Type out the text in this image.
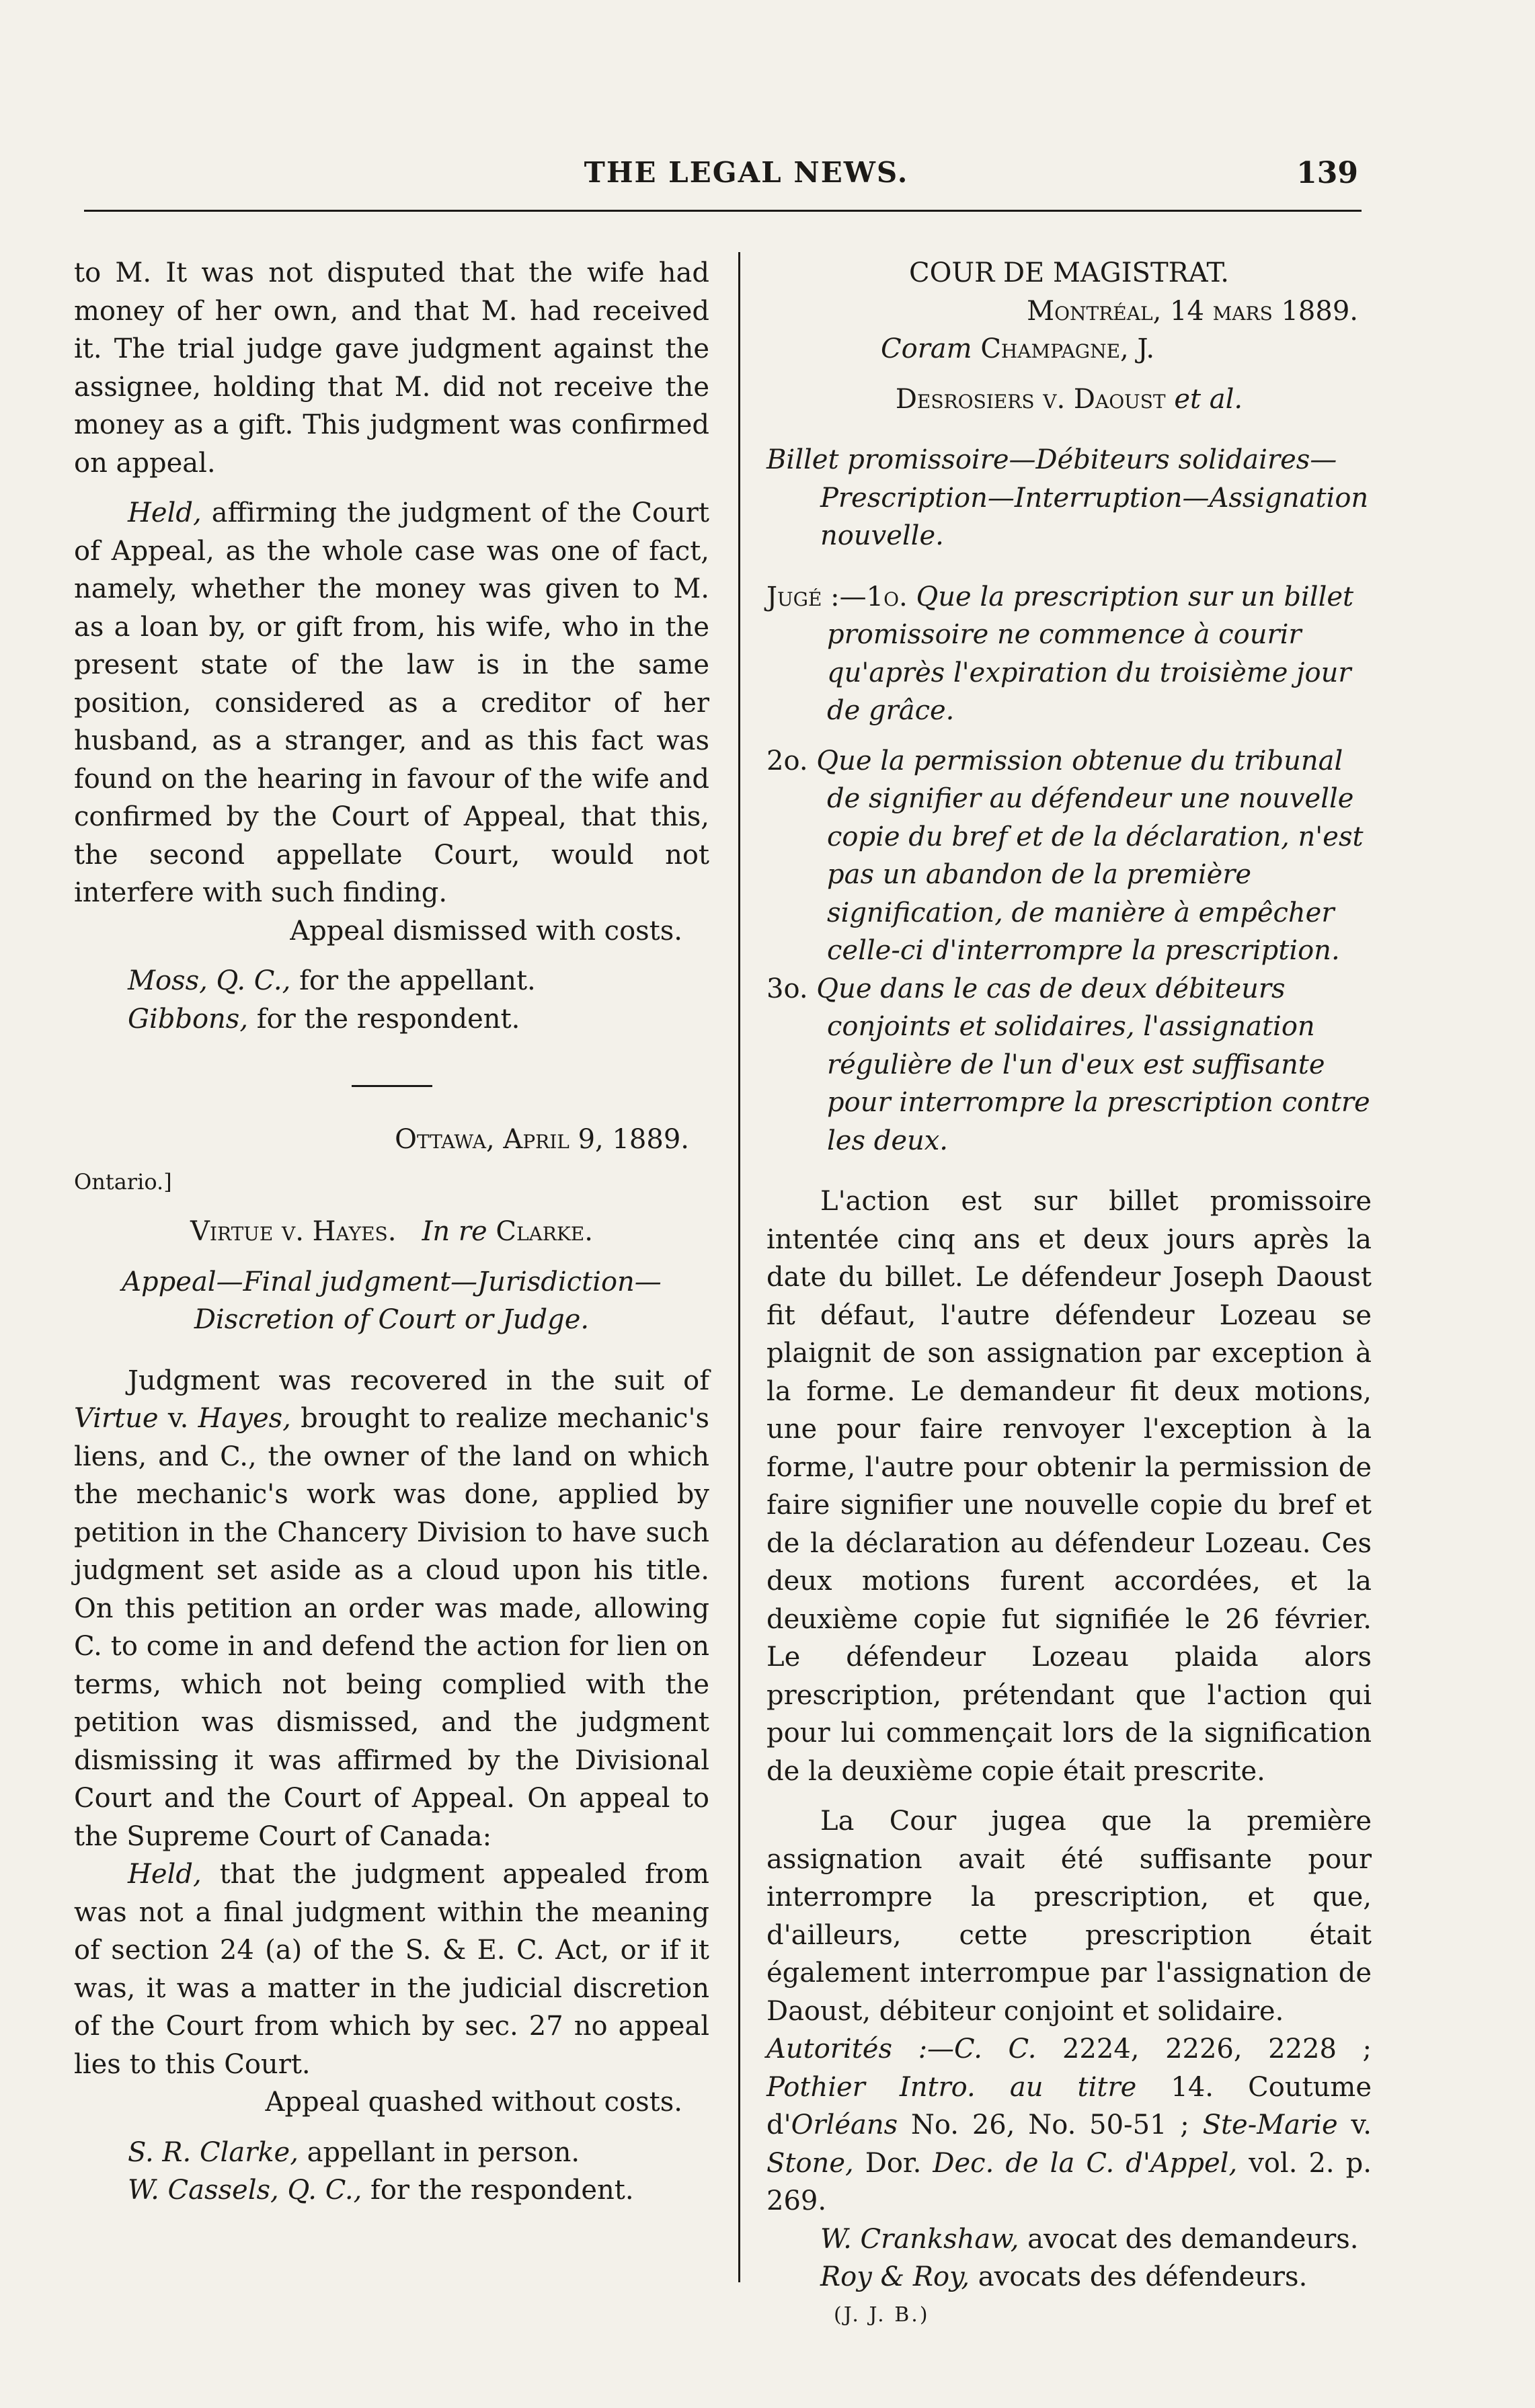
THE LEGAL NEWS.	139

to M. It was not disputed that the wife had money of her own, and that M. had received it. The trial judge gave judgment against the assignee, holding that M. did not receive the money as a gift. This judgment was confirmed on appeal.

Held, affirming the judgment of the Court of Appeal, as the whole case was one of fact, namely, whether the money was given to M. as a loan by, or gift from, his wife, who in the present state of the law is in the same position, considered as a creditor of her husband, as a stranger, and as this fact was found on the hearing in favour of the wife and confirmed by the Court of Appeal, that this, the second appellate Court, would not interfere with such finding.

Appeal dismissed with costs.

Moss, Q. C., for the appellant.

Gibbons, for the respondent.

Ottawa, April 9, 1889.

Ontario.]

Virtue v. Hayes. In re Clarke.

Appeal—Final judgment—Jurisdiction—Discretion of Court or Judge.

Judgment was recovered in the suit of Virtue v. Hayes, brought to realize mechanic's liens, and C., the owner of the land on which the mechanic's work was done, applied by petition in the Chancery Division to have such judgment set aside as a cloud upon his title. On this petition an order was made, allowing C. to come in and defend the action for lien on terms, which not being complied with the petition was dismissed, and the judgment dismissing it was affirmed by the Divisional Court and the Court of Appeal. On appeal to the Supreme Court of Canada:

Held, that the judgment appealed from was not a final judgment within the meaning of section 24 (a) of the S. & E. C. Act, or if it was, it was a matter in the judicial discretion of the Court from which by sec. 27 no appeal lies to this Court.

Appeal quashed without costs.

S. R. Clarke, appellant in person.

W. Cassels, Q. C., for the respondent.

COUR DE MAGISTRAT.

Montréal, 14 mars 1889.

Coram Champagne, J.

Desrosiers v. Daoust et al.

Billet promissoire—Débiteurs solidaires— Prescription—Interruption—Assignation nouvelle.

Jugé :—1o. Que la prescription sur un billet promissoire ne commence à courir qu'après l'expiration du troisième jour de grâce.

2o. Que la permission obtenue du tribunal de signifier au défendeur une nouvelle copie du bref et de la déclaration, n'est pas un abandon de la première signification, de manière à empêcher celle-ci d'interrompre la prescription.

3o. Que dans le cas de deux débiteurs conjoints et solidaires, l'assignation régulière de l'un d'eux est suffisante pour interrompre la prescription contre les deux.

L'action est sur billet promissoire intentée cinq ans et deux jours après la date du billet. Le défendeur Joseph Daoust fit défaut, l'autre défendeur Lozeau se plaignit de son assignation par exception à la forme. Le demandeur fit deux motions, une pour faire renvoyer l'exception à la forme, l'autre pour obtenir la permission de faire signifier une nouvelle copie du bref et de la déclaration au défendeur Lozeau. Ces deux motions furent accordées, et la deuxième copie fut signifiée le 26 février. Le défendeur Lozeau plaida alors prescription, prétendant que l'action qui pour lui commençait lors de la signification de la deuxième copie était prescrite.

La Cour jugea que la première assignation avait été suffisante pour interrompre la prescription, et que, d'ailleurs, cette prescription était également interrompue par l'assignation de Daoust, débiteur conjoint et solidaire.

Autorités :—C. C. 2224, 2226, 2228 ; Pothier Intro. au titre 14. Coutume d'Orléans No. 26, No. 50-51 ; Ste-Marie v. Stone, Dor. Dec. de la C. d'Appel, vol. 2. p. 269.

W. Crankshaw, avocat des demandeurs.

Roy & Roy, avocats des défendeurs.

(J. J. B.)
